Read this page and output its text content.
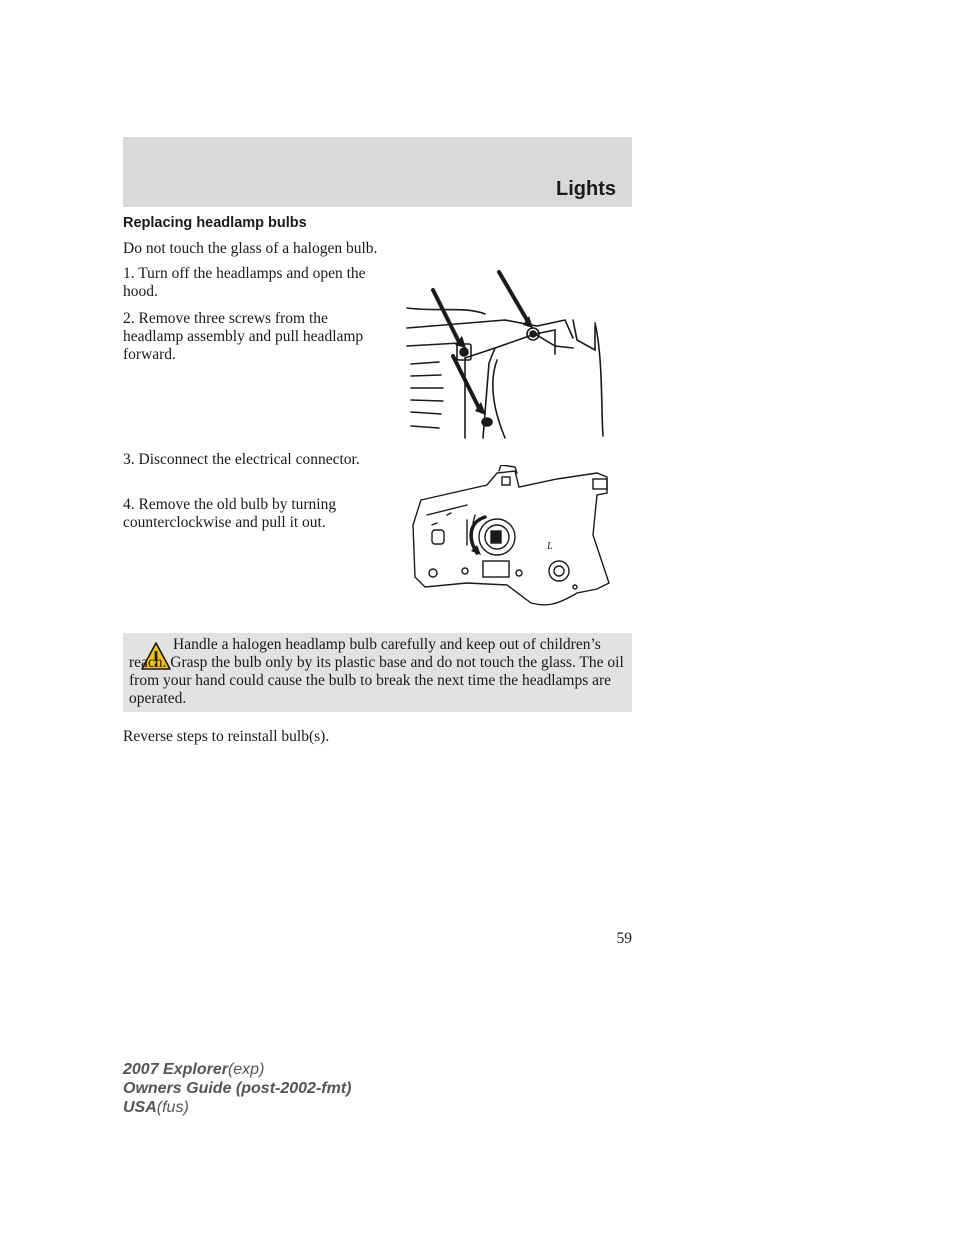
Lights
Replacing headlamp bulbs

Do not touch the glass of a halogen bulb.

1. Turn off the headlamps and open the hood.

2. Remove three screws from the headlamp assembly and pull headlamp forward.

3. Disconnect the electrical connector.

4. Remove the old bulb by turning counterclockwise and pull it out.

L

Handle a halogen headlamp bulb carefully and keep out of children’s reach. Grasp the bulb only by its plastic base and do not touch the glass. The oil from your hand could cause the bulb to break the next time the headlamps are operated.

Reverse steps to reinstall bulb(s).

59
2007 Explorer(exp)
Owners Guide (post-2002-fmt)
USA(fus)
